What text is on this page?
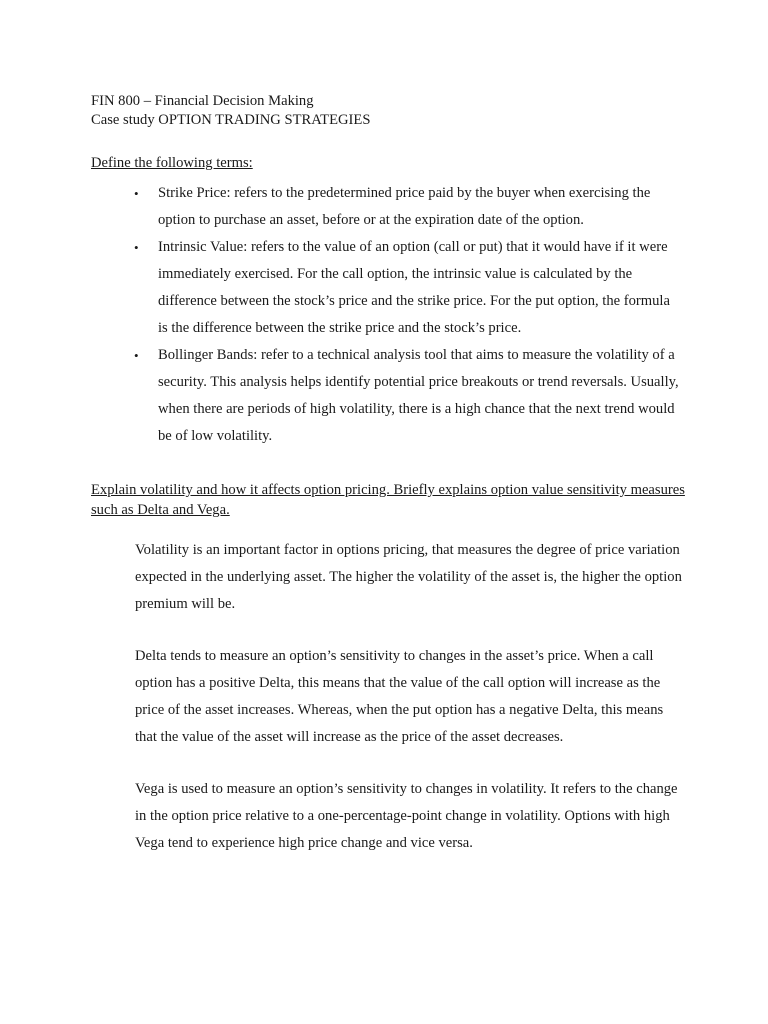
FIN 800 – Financial Decision Making
Case study OPTION TRADING STRATEGIES
Define the following terms:
• Strike Price: refers to the predetermined price paid by the buyer when exercising the option to purchase an asset, before or at the expiration date of the option.
• Intrinsic Value: refers to the value of an option (call or put) that it would have if it were immediately exercised. For the call option, the intrinsic value is calculated by the difference between the stock’s price and the strike price. For the put option, the formula is the difference between the strike price and the stock’s price.
• Bollinger Bands: refer to a technical analysis tool that aims to measure the volatility of a security. This analysis helps identify potential price breakouts or trend reversals. Usually, when there are periods of high volatility, there is a high chance that the next trend would be of low volatility.
Explain volatility and how it affects option pricing. Briefly explains option value sensitivity measures such as Delta and Vega.

Volatility is an important factor in options pricing, that measures the degree of price variation expected in the underlying asset. The higher the volatility of the asset is, the higher the option premium will be.

Delta tends to measure an option’s sensitivity to changes in the asset’s price. When a call option has a positive Delta, this means that the value of the call option will increase as the price of the asset increases. Whereas, when the put option has a negative Delta, this means that the value of the asset will increase as the price of the asset decreases.

Vega is used to measure an option’s sensitivity to changes in volatility. It refers to the change in the option price relative to a one-percentage-point change in volatility. Options with high Vega tend to experience high price change and vice versa.
